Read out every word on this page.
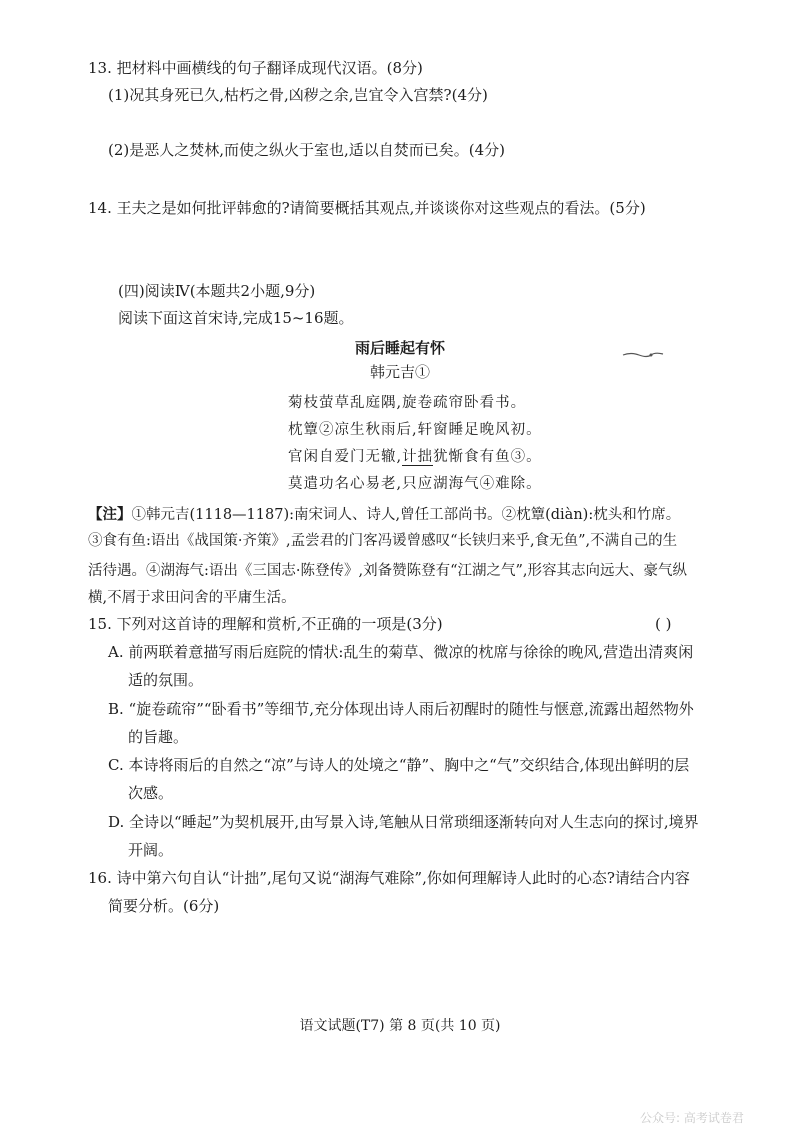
13. 把材料中画横线的句子翻译成现代汉语。(8分)
(1)况其身死已久,枯朽之骨,凶秽之余,岂宜令入宫禁?(4分)
(2)是恶人之焚林,而使之纵火于室也,适以自焚而已矣。(4分)
14. 王夫之是如何批评韩愈的?请简要概括其观点,并谈谈你对这些观点的看法。(5分)
(四)阅读Ⅳ(本题共2小题,9分)
阅读下面这首宋诗,完成15~16题。
雨后睡起有怀
韩元吉①
菊枝萤草乱庭隅,旋卷疏帘卧看书。
枕簟②凉生秋雨后,轩窗睡足晚风初。
官闲自爱门无辙,计拙犹惭食有鱼③。
莫遣功名心易老,只应湖海气④难除。
【注】①韩元吉(1118—1187):南宋词人、诗人,曾任工部尚书。②枕簟(diàn):枕头和竹席。
③食有鱼:语出《战国策·齐策》,孟尝君的门客冯谖曾感叹“长铗归来乎,食无鱼”,不满自己的生
活待遇。④湖海气:语出《三国志·陈登传》,刘备赞陈登有“江湖之气”,形容其志向远大、豪气纵
横,不屑于求田问舍的平庸生活。
15. 下列对这首诗的理解和赏析,不正确的一项是(3分)	( )
A. 前两联着意描写雨后庭院的情状:乱生的菊草、微凉的枕席与徐徐的晚风,营造出清爽闲
适的氛围。
B. “旋卷疏帘”“卧看书”等细节,充分体现出诗人雨后初醒时的随性与惬意,流露出超然物外
的旨趣。
C. 本诗将雨后的自然之“凉”与诗人的处境之“静”、胸中之“气”交织结合,体现出鲜明的层
次感。
D. 全诗以“睡起”为契机展开,由写景入诗,笔触从日常琐细逐渐转向对人生志向的探讨,境界
开阔。
16. 诗中第六句自认“计拙”,尾句又说“湖海气难除”,你如何理解诗人此时的心态?请结合内容
简要分析。(6分)
语文试题(T7) 第 8 页(共 10 页)
公众号: 高考试卷君
